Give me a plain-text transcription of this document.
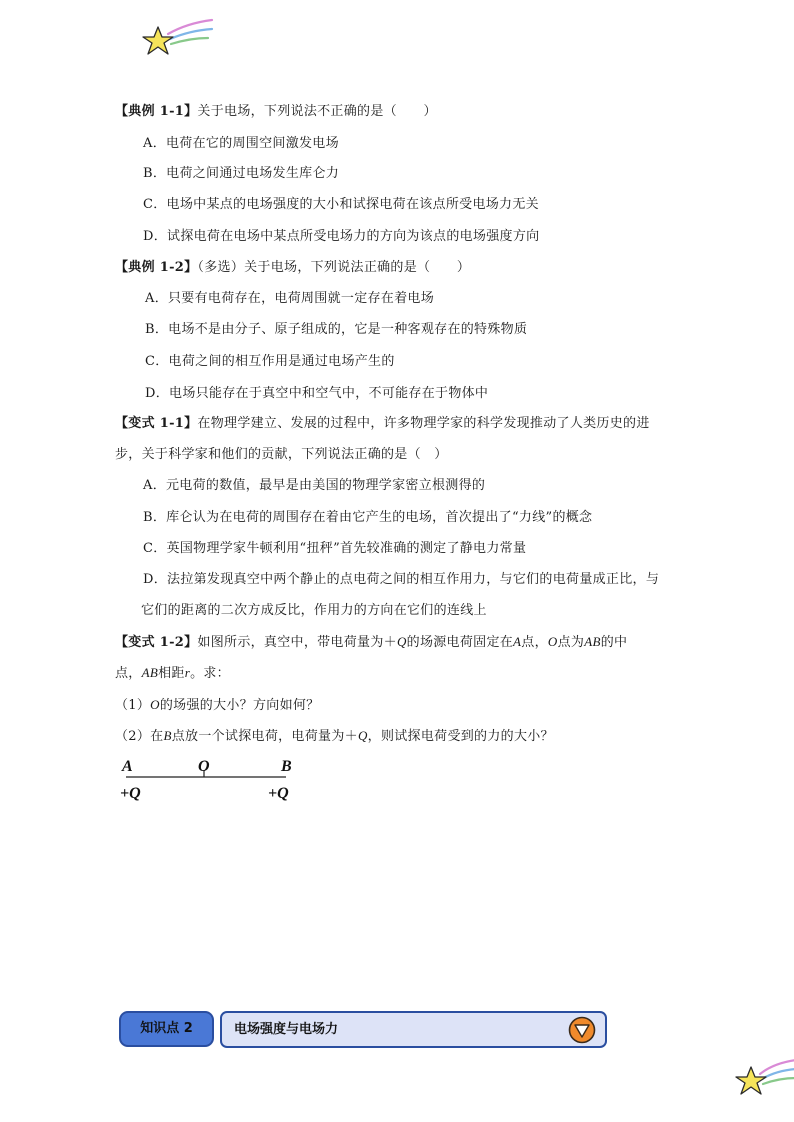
【典例 1-1】关于电场，下列说法不正确的是（　　）
A．电荷在它的周围空间激发电场
B．电荷之间通过电场发生库仑力
C．电场中某点的电场强度的大小和试探电荷在该点所受电场力无关
D．试探电荷在电场中某点所受电场力的方向为该点的电场强度方向
【典例 1-2】（多选）关于电场，下列说法正确的是（　　）
A．只要有电荷存在，电荷周围就一定存在着电场
B．电场不是由分子、原子组成的，它是一种客观存在的特殊物质
C．电荷之间的相互作用是通过电场产生的
D．电场只能存在于真空中和空气中，不可能存在于物体中
【变式 1-1】在物理学建立、发展的过程中，许多物理学家的科学发现推动了人类历史的进
步，关于科学家和他们的贡献，下列说法正确的是（　）
A．元电荷的数值，最早是由美国的物理学家密立根测得的
B．库仑认为在电荷的周围存在着由它产生的电场，首次提出了“力线”的概念
C．英国物理学家牛顿利用“扭秤”首先较准确的测定了静电力常量
D．法拉第发现真空中两个静止的点电荷之间的相互作用力，与它们的电荷量成正比，与
它们的距离的二次方成反比，作用力的方向在它们的连线上
【变式 1-2】如图所示，真空中，带电荷量为＋Q的场源电荷固定在A点，O点为AB的中
点，AB相距r。求：
（1）O的场强的大小？方向如何？
（2）在B点放一个试探电荷，电荷量为＋Q，则试探电荷受到的力的大小？
A	O	B
+Q	+Q
知识点 2	电场强度与电场力
